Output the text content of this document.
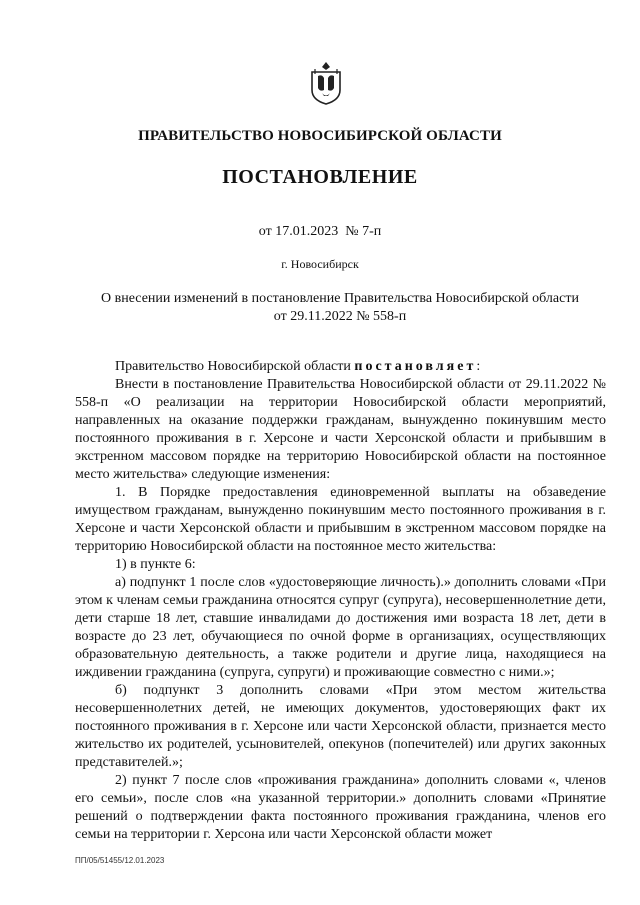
ПРАВИТЕЛЬСТВО НОВОСИБИРСКОЙ ОБЛАСТИ
ПОСТАНОВЛЕНИЕ
от 17.01.2023  № 7-п
г. Новосибирск
О внесении изменений в постановление Правительства Новосибирской области
от 29.11.2022 № 558-п

Правительство Новосибирской области постановляет:

Внести в постановление Правительства Новосибирской области от 29.11.2022 № 558-п «О реализации на территории Новосибирской области мероприятий, направленных на оказание поддержки гражданам, вынужденно покинувшим место постоянного проживания в г. Херсоне и части Херсонской области и прибывшим в экстренном массовом порядке на территорию Новосибирской области на постоянное место жительства» следующие изменения:

1. В Порядке предоставления единовременной выплаты на обзаведение имуществом гражданам, вынужденно покинувшим место постоянного проживания в г. Херсоне и части Херсонской области и прибывшим в экстренном массовом порядке на территорию Новосибирской области на постоянное место жительства:

1) в пункте 6:

а) подпункт 1 после слов «удостоверяющие личность).» дополнить словами «При этом к членам семьи гражданина относятся супруг (супруга), несовершеннолетние дети, дети старше 18 лет, ставшие инвалидами до достижения ими возраста 18 лет, дети в возрасте до 23 лет, обучающиеся по очной форме в организациях, осуществляющих образовательную деятельность, а также родители и другие лица, находящиеся на иждивении гражданина (супруга, супруги) и проживающие совместно с ними.»;

б) подпункт 3 дополнить словами «При этом местом жительства несовершеннолетних детей, не имеющих документов, удостоверяющих факт их постоянного проживания в г. Херсоне или части Херсонской области, признается место жительство их родителей, усыновителей, опекунов (попечителей) или других законных представителей.»;

2) пункт 7 после слов «проживания гражданина» дополнить словами «, членов его семьи», после слов «на указанной территории.» дополнить словами «Принятие решений о подтверждении факта постоянного проживания гражданина, членов его семьи на территории г. Херсона или части Херсонской области может

ПП/05/51455/12.01.2023
